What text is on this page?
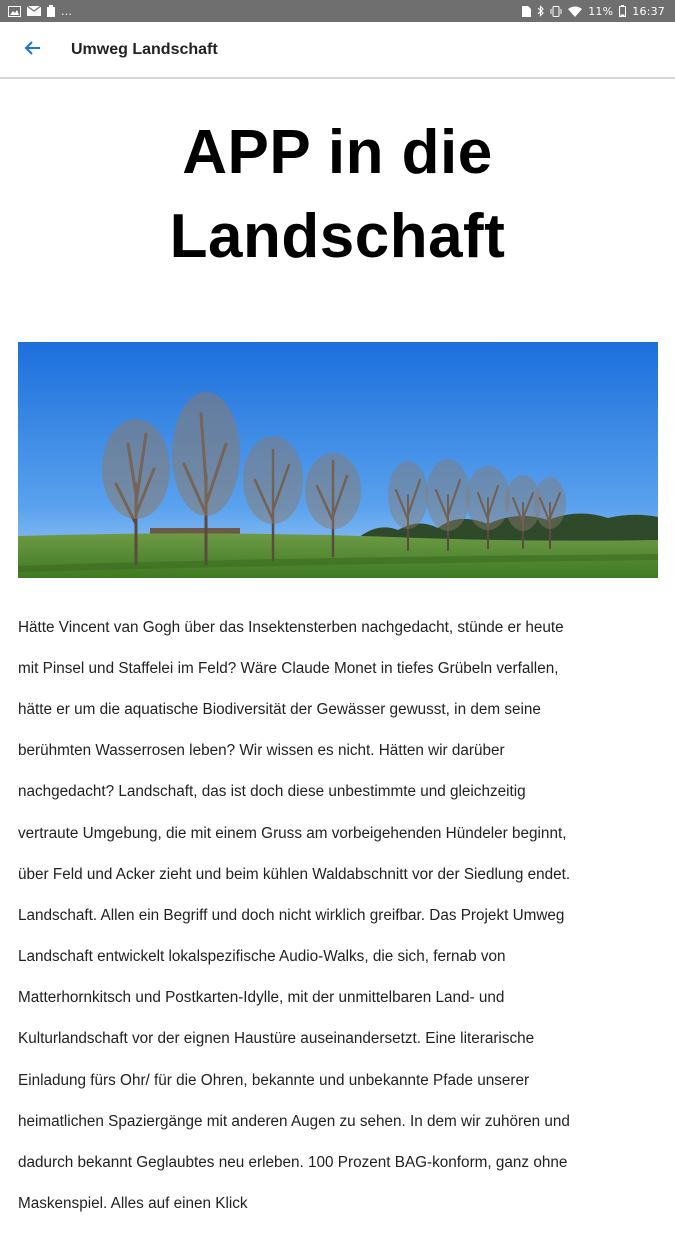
...	11% 16:37
Umweg Landschaft
APP in die
Landschaft

Hätte Vincent van Gogh über das Insektensterben nachgedacht, stünde er heute

mit Pinsel und Staffelei im Feld? Wäre Claude Monet in tiefes Grübeln verfallen,

hätte er um die aquatische Biodiversität der Gewässer gewusst, in dem seine

berühmten Wasserrosen leben? Wir wissen es nicht. Hätten wir darüber

nachgedacht? Landschaft, das ist doch diese unbestimmte und gleichzeitig

vertraute Umgebung, die mit einem Gruss am vorbeigehenden Hündeler beginnt,

über Feld und Acker zieht und beim kühlen Waldabschnitt vor der Siedlung endet.

Landschaft. Allen ein Begriff und doch nicht wirklich greifbar. Das Projekt Umweg

Landschaft entwickelt lokalspezifische Audio-Walks, die sich, fernab von

Matterhornkitsch und Postkarten-Idylle, mit der unmittelbaren Land- und

Kulturlandschaft vor der eignen Haustüre auseinandersetzt. Eine literarische

Einladung fürs Ohr/ für die Ohren, bekannte und unbekannte Pfade unserer

heimatlichen Spaziergänge mit anderen Augen zu sehen. In dem wir zuhören und

dadurch bekannt Geglaubtes neu erleben. 100 Prozent BAG-konform, ganz ohne

Maskenspiel. Alles auf einen Klick
